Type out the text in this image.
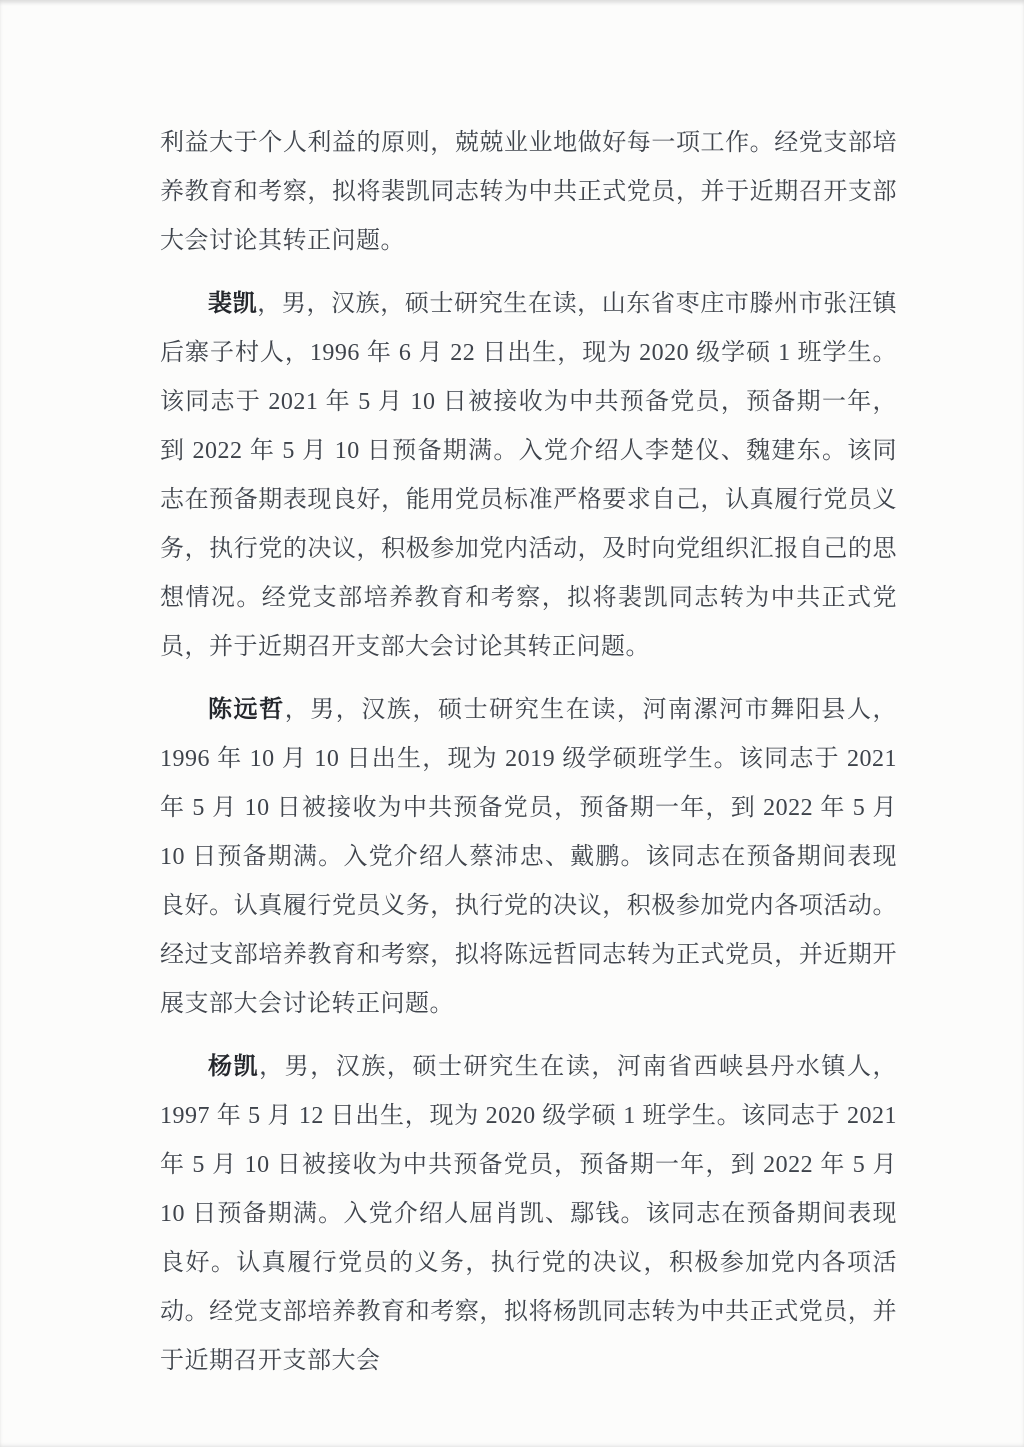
利益大于个人利益的原则，兢兢业业地做好每一项工作。经党支部培养教育和考察，拟将裴凯同志转为中共正式党员，并于近期召开支部大会讨论其转正问题。

裴凯，男，汉族，硕士研究生在读，山东省枣庄市滕州市张汪镇后寨子村人，1996 年 6 月 22 日出生，现为 2020 级学硕 1 班学生。该同志于 2021 年 5 月 10 日被接收为中共预备党员，预备期一年，到 2022 年 5 月 10 日预备期满。入党介绍人李楚仪、魏建东。该同志在预备期表现良好，能用党员标准严格要求自己，认真履行党员义务，执行党的决议，积极参加党内活动，及时向党组织汇报自己的思想情况。经党支部培养教育和考察，拟将裴凯同志转为中共正式党员，并于近期召开支部大会讨论其转正问题。

陈远哲，男，汉族，硕士研究生在读，河南漯河市舞阳县人，1996 年 10 月 10 日出生，现为 2019 级学硕班学生。该同志于 2021 年 5 月 10 日被接收为中共预备党员，预备期一年，到 2022 年 5 月 10 日预备期满。入党介绍人蔡沛忠、戴鹏。该同志在预备期间表现良好。认真履行党员义务，执行党的决议，积极参加党内各项活动。经过支部培养教育和考察，拟将陈远哲同志转为正式党员，并近期开展支部大会讨论转正问题。

杨凯，男，汉族，硕士研究生在读，河南省西峡县丹水镇人，1997 年 5 月 12 日出生，现为 2020 级学硕 1 班学生。该同志于 2021 年 5 月 10 日被接收为中共预备党员，预备期一年，到 2022 年 5 月 10 日预备期满。入党介绍人屈肖凯、鄢钱。该同志在预备期间表现良好。认真履行党员的义务，执行党的决议，积极参加党内各项活动。经党支部培养教育和考察，拟将杨凯同志转为中共正式党员，并于近期召开支部大会
